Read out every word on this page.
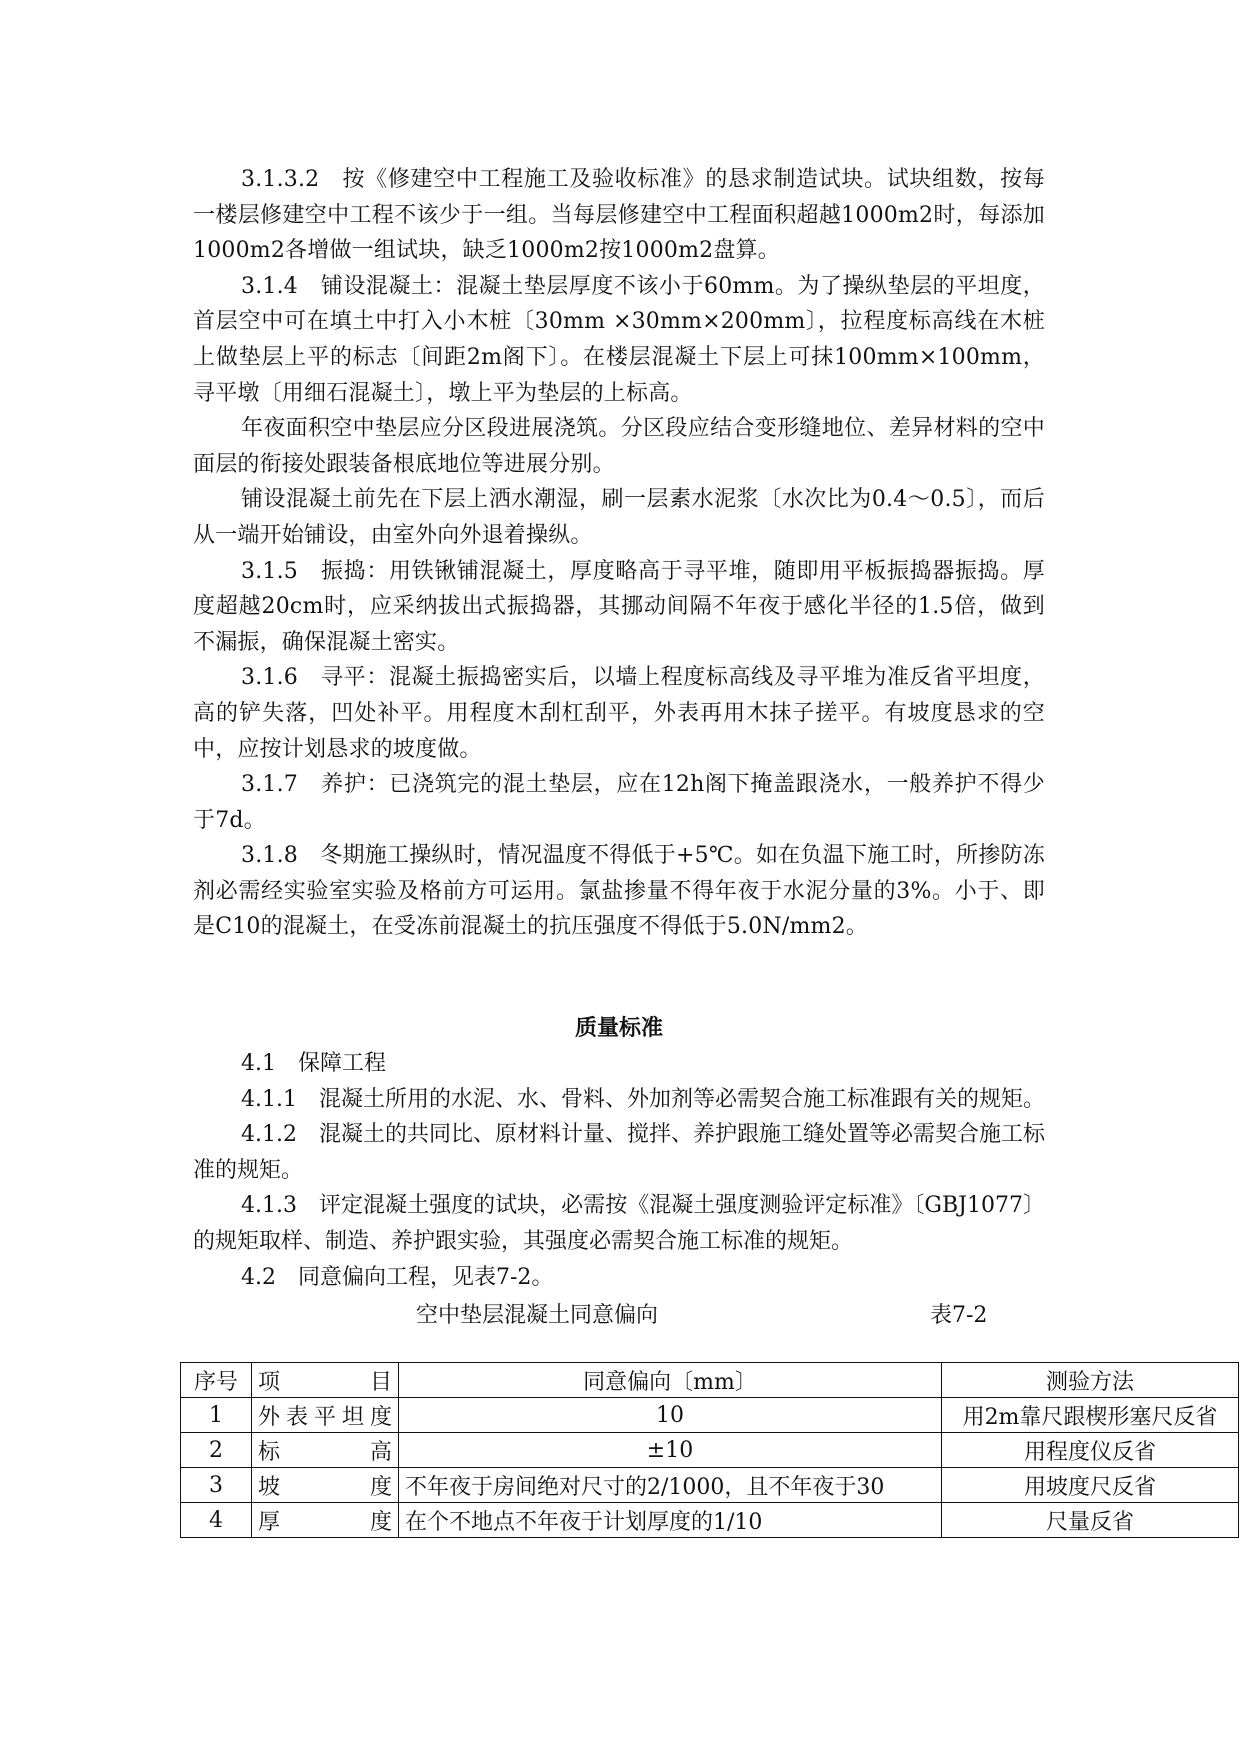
3.1.3.2　按《修建空中工程施工及验收标准》的恳求制造试块。试块组数，按每一楼层修建空中工程不该少于一组。当每层修建空中工程面积超越1000m2时，每添加1000m2各增做一组试块，缺乏1000m2按1000m2盘算。

3.1.4　铺设混凝土：混凝土垫层厚度不该小于60mm。为了操纵垫层的平坦度，首层空中可在填土中打入小木桩〔30mm ×30mm×200mm〕，拉程度标高线在木桩上做垫层上平的标志〔间距2m阁下〕。在楼层混凝土下层上可抹100mm×100mm，寻平墩〔用细石混凝土〕，墩上平为垫层的上标高。

年夜面积空中垫层应分区段进展浇筑。分区段应结合变形缝地位、差异材料的空中面层的衔接处跟装备根底地位等进展分别。

铺设混凝土前先在下层上洒水潮湿，刷一层素水泥浆〔水次比为0.4～0.5〕，而后从一端开始铺设，由室外向外退着操纵。

3.1.5　振捣：用铁锹铺混凝土，厚度略高于寻平堆，随即用平板振捣器振捣。厚度超越20cm时，应采纳拔出式振捣器，其挪动间隔不年夜于感化半径的1.5倍，做到不漏振，确保混凝土密实。

3.1.6　寻平：混凝土振捣密实后，以墙上程度标高线及寻平堆为准反省平坦度，高的铲失落，凹处补平。用程度木刮杠刮平，外表再用木抹子搓平。有坡度恳求的空中，应按计划恳求的坡度做。

3.1.7　养护：已浇筑完的混土垫层，应在12h阁下掩盖跟浇水，一般养护不得少于7d。

3.1.8　冬期施工操纵时，情况温度不得低于+5℃。如在负温下施工时，所掺防冻剂必需经实验室实验及格前方可运用。氯盐掺量不得年夜于水泥分量的3%。小于、即是C10的混凝土，在受冻前混凝土的抗压强度不得低于5.0N/mm2。

质量标准

4.1　保障工程

4.1.1　混凝土所用的水泥、水、骨料、外加剂等必需契合施工标准跟有关的规矩。

4.1.2　混凝土的共同比、原材料计量、搅拌、养护跟施工缝处置等必需契合施工标准的规矩。

4.1.3　评定混凝土强度的试块，必需按《混凝土强度测验评定标准》〔GBJ1077〕的规矩取样、制造、养护跟实验，其强度必需契合施工标准的规矩。

4.2　同意偏向工程，见表7-2。

空中垫层混凝土同意偏向	表7-2
序号	项　　　目	同意偏向〔mm〕	测验方法
1	外表平坦度	10	用2m靠尺跟楔形塞尺反省
2	标　　高	±10	用程度仪反省
3	坡　　度	不年夜于房间绝对尺寸的2/1000，且不年夜于30	用坡度尺反省
4	厚　　度	在个不地点不年夜于计划厚度的1/10	尺量反省
